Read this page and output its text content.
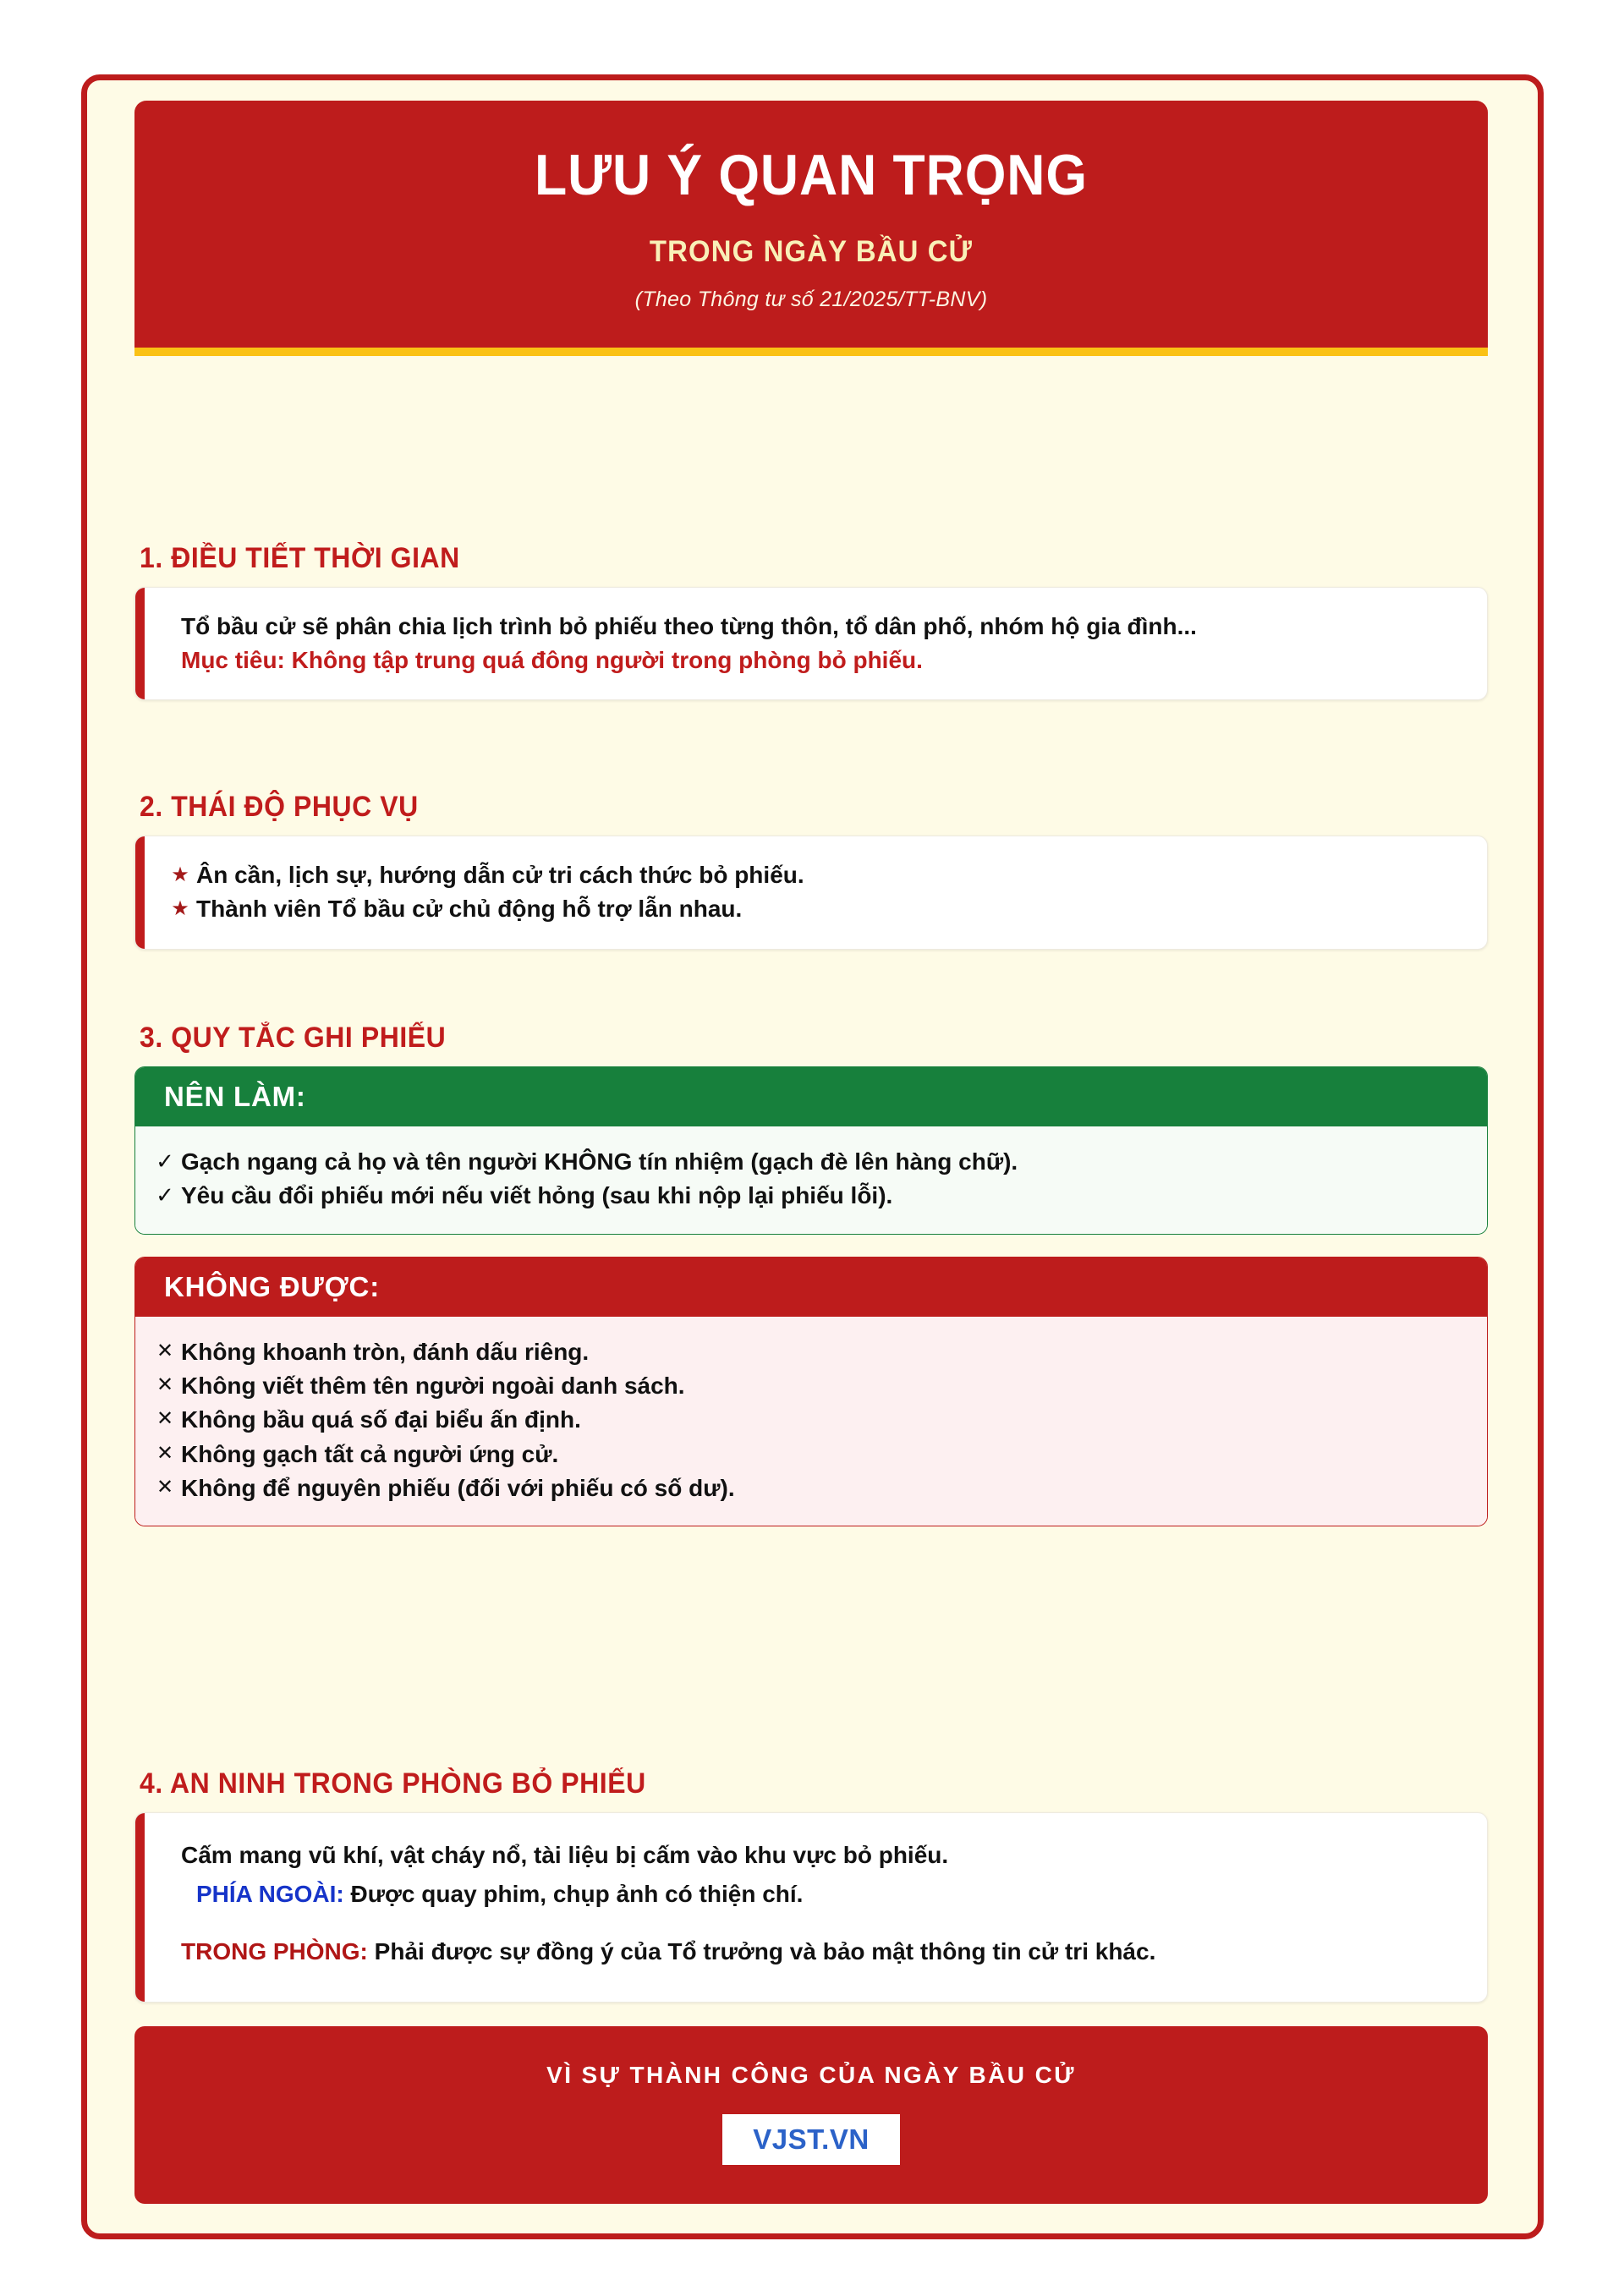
LƯU Ý QUAN TRỌNG
TRONG NGÀY BẦU CỬ
(Theo Thông tư số 21/2025/TT-BNV)
1. ĐIỀU TIẾT THỜI GIAN
Tổ bầu cử sẽ phân chia lịch trình bỏ phiếu theo từng thôn, tổ dân phố, nhóm hộ gia đình...
Mục tiêu: Không tập trung quá đông người trong phòng bỏ phiếu.
2. THÁI ĐỘ PHỤC VỤ
★ Ân cần, lịch sự, hướng dẫn cử tri cách thức bỏ phiếu.
★ Thành viên Tổ bầu cử chủ động hỗ trợ lẫn nhau.
3. QUY TẮC GHI PHIẾU
NÊN LÀM:
✓ Gạch ngang cả họ và tên người KHÔNG tín nhiệm (gạch đè lên hàng chữ).
✓ Yêu cầu đổi phiếu mới nếu viết hỏng (sau khi nộp lại phiếu lỗi).
KHÔNG ĐƯỢC:
✕ Không khoanh tròn, đánh dấu riêng.
✕ Không viết thêm tên người ngoài danh sách.
✕ Không bầu quá số đại biểu ấn định.
✕ Không gạch tất cả người ứng cử.
✕ Không để nguyên phiếu (đối với phiếu có số dư).
4. AN NINH TRONG PHÒNG BỎ PHIẾU
Cấm mang vũ khí, vật cháy nổ, tài liệu bị cấm vào khu vực bỏ phiếu.
PHÍA NGOÀI: Được quay phim, chụp ảnh có thiện chí.
TRONG PHÒNG: Phải được sự đồng ý của Tổ trưởng và bảo mật thông tin cử tri khác.
VÌ SỰ THÀNH CÔNG CỦA NGÀY BẦU CỬ
VJST.VN
